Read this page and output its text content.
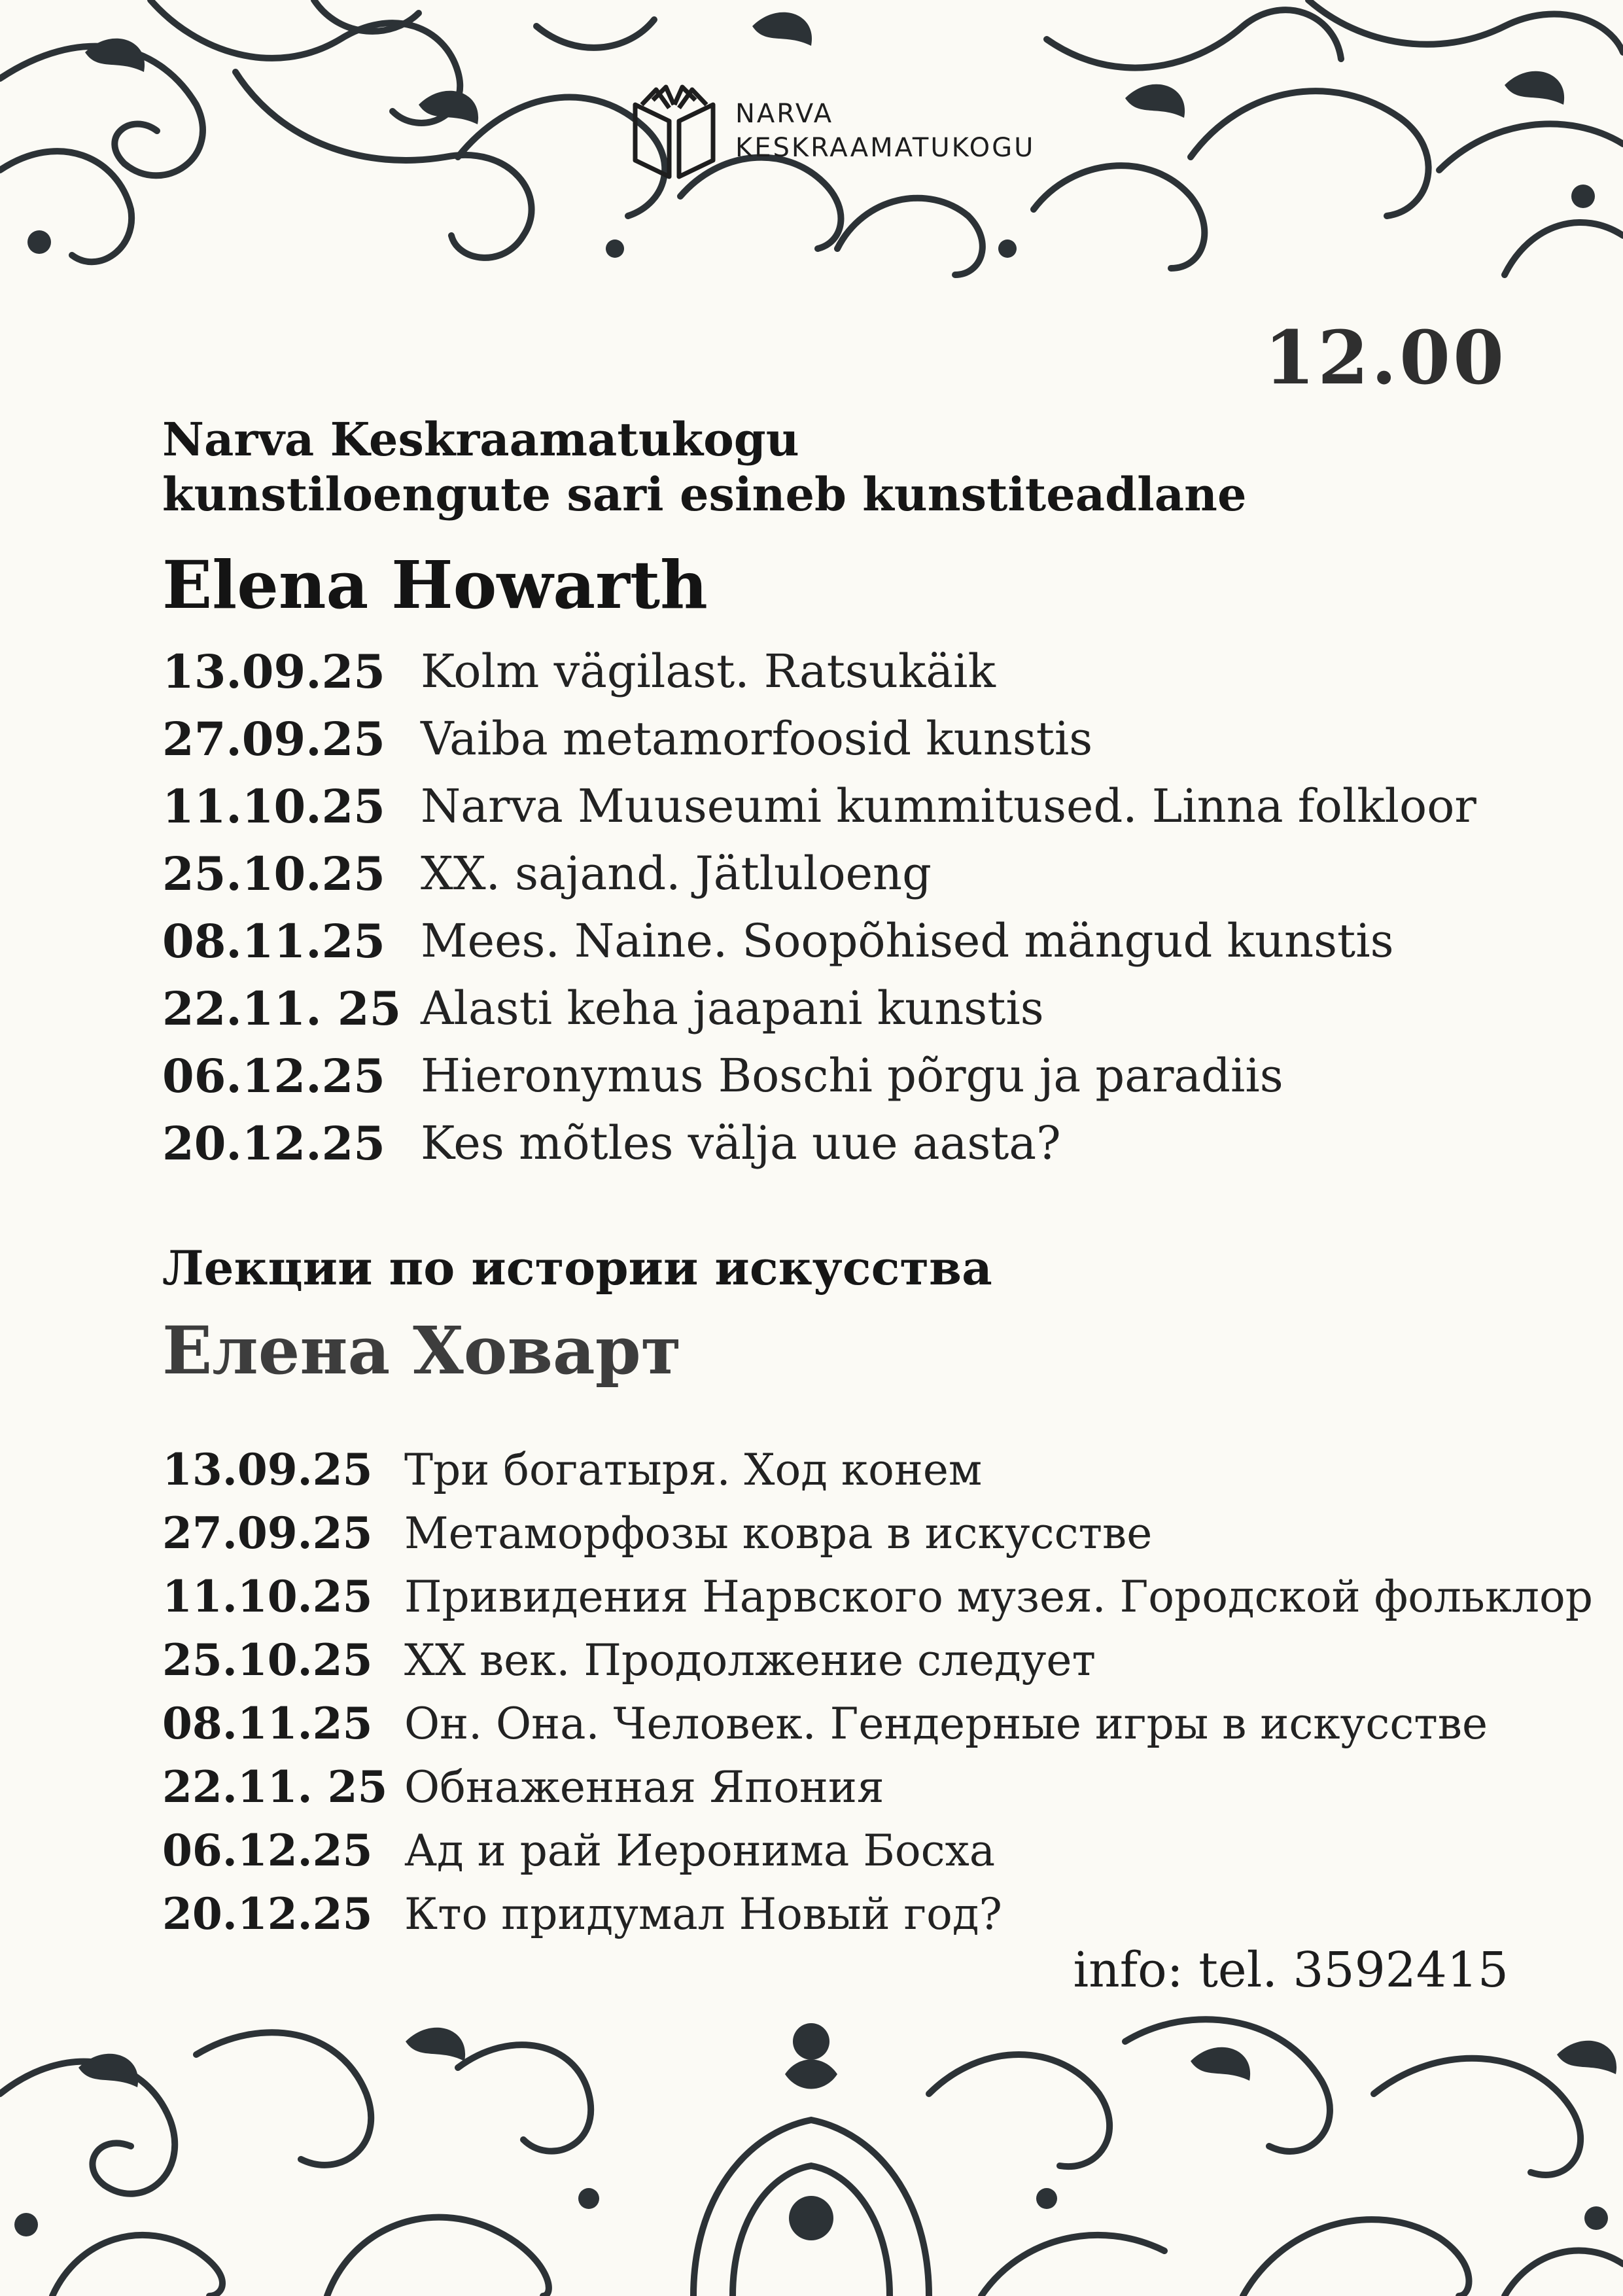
NARVA
KESKRAAMATUKOGU
12.00
Narva Keskraamatukogu
kunstiloengute sari esineb kunstiteadlane
Elena Howarth
13.09.25 Kolm vägilast. Ratsukäik
27.09.25 Vaiba metamorfoosid kunstis
11.10.25 Narva Muuseumi kummitused. Linna folkloor
25.10.25 XX. sajand. Jätluloeng
08.11.25 Mees. Naine. Soopõhised mängud kunstis
22.11. 25 Alasti keha jaapani kunstis
06.12.25 Hieronymus Boschi põrgu ja paradiis
20.12.25 Kes mõtles välja uue aasta?
Лекции по истории искусства
Елена Ховарт
13.09.25 Три богатыря. Ход конем
27.09.25 Метаморфозы ковра в искусстве
11.10.25 Привидения Нарвского музея. Городской фольклор
25.10.25 XX век. Продолжение следует
08.11.25 Он. Она. Человек. Гендерные игры в искусстве
22.11. 25 Обнаженная Япония
06.12.25 Ад и рай Иеронима Босха
20.12.25 Кто придумал Новый год?
info: tel. 3592415
